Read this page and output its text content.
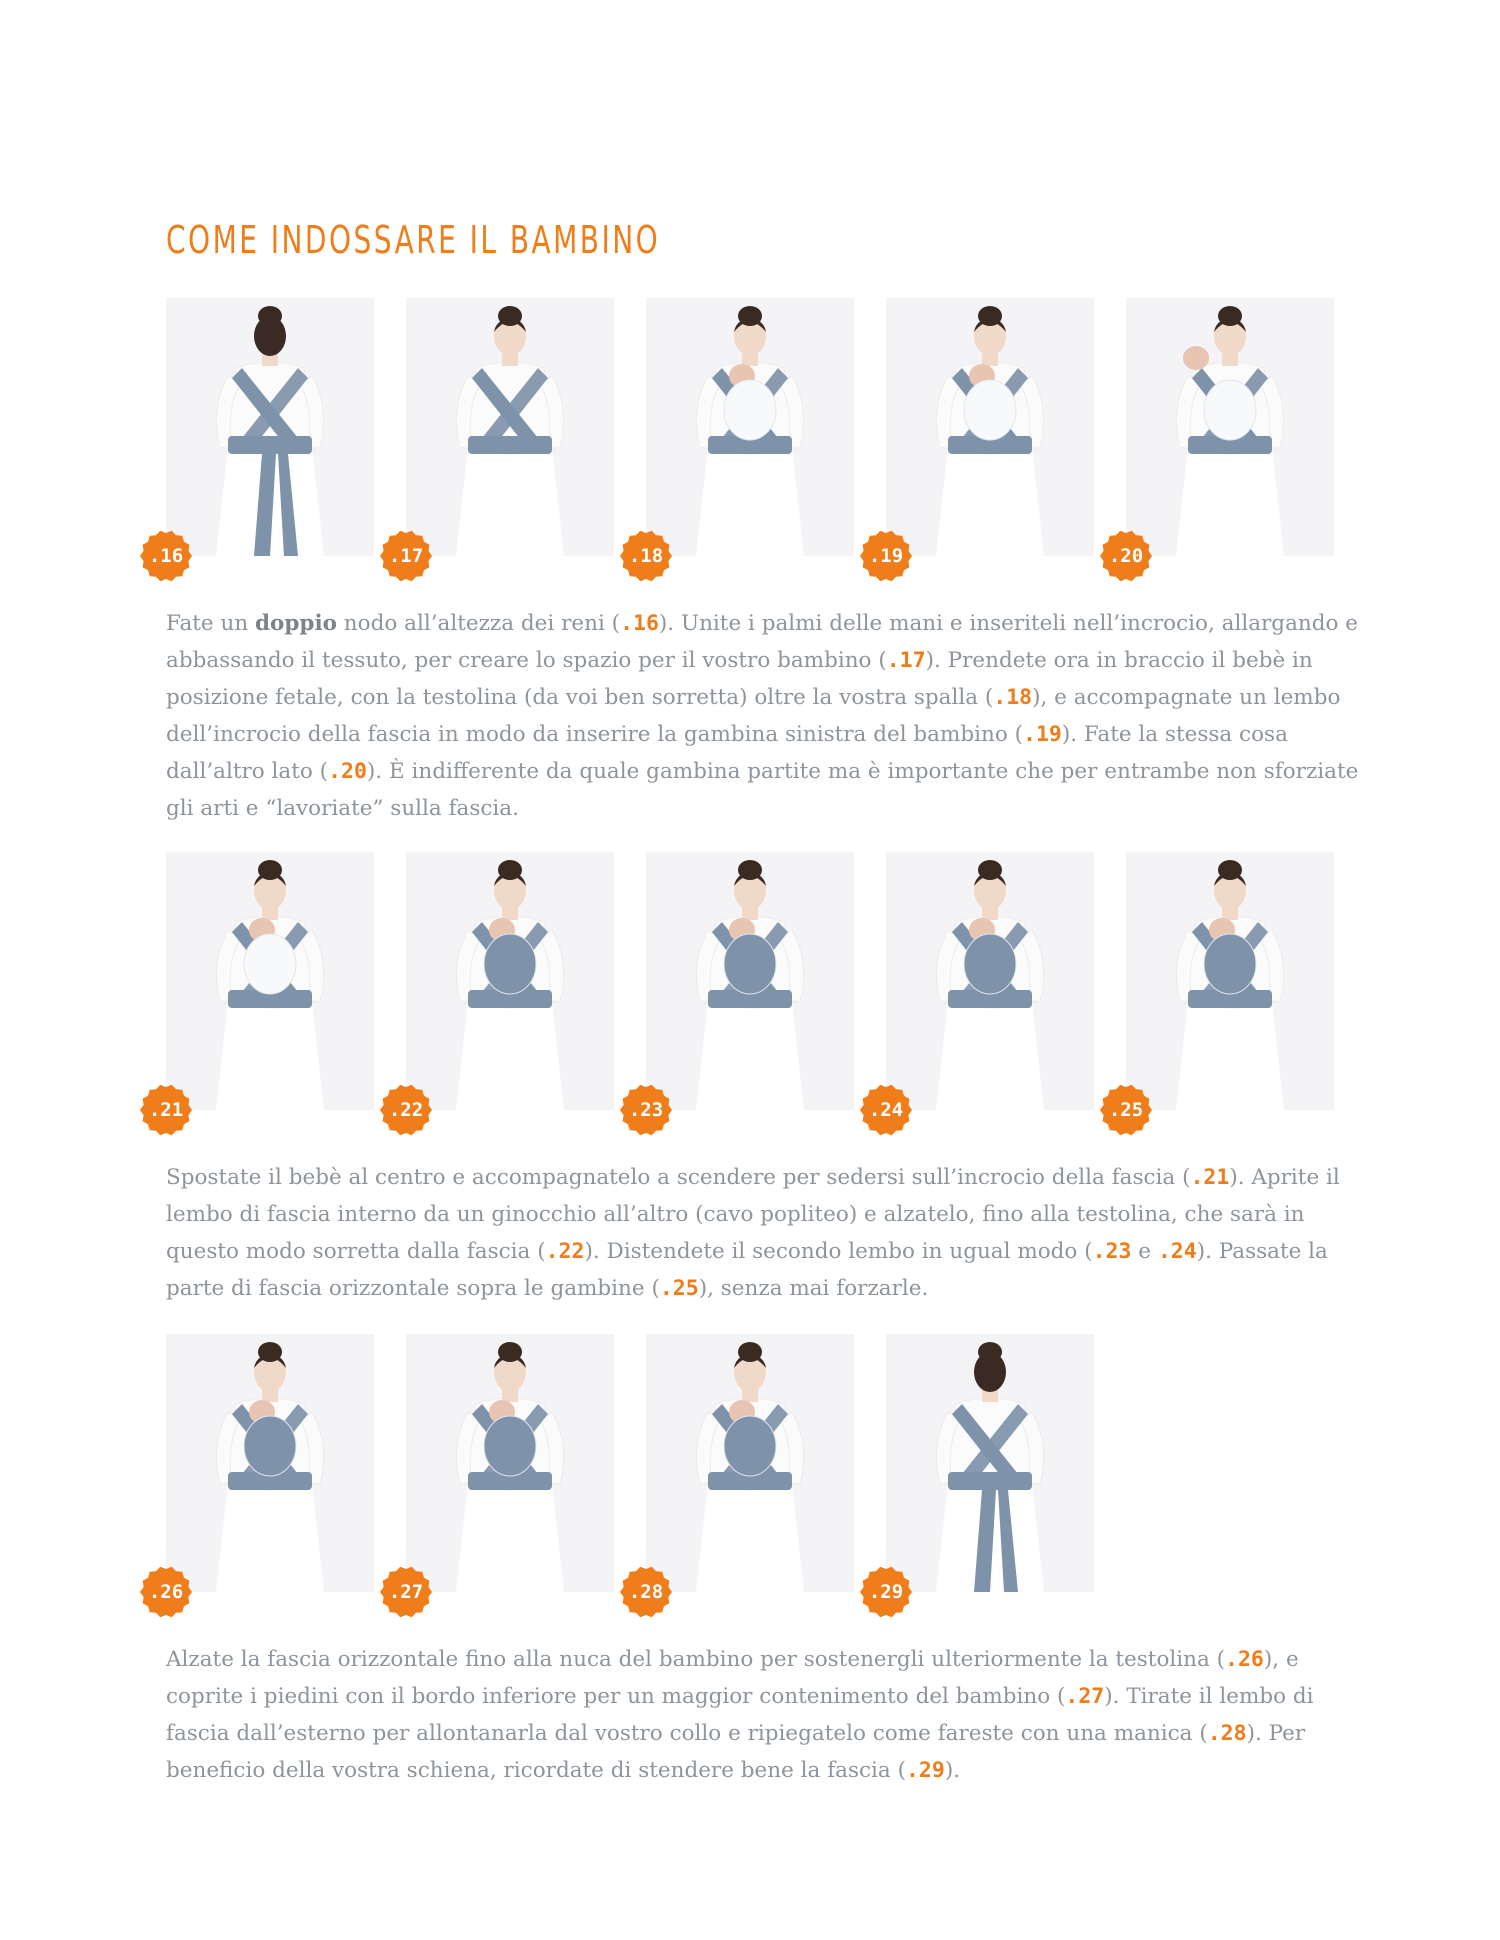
COME INDOSSARE IL BAMBINO
.16	.17	.18	.19	.20
Fate un doppio nodo all’altezza dei reni (.16). Unite i palmi delle mani e inseriteli nell’incrocio, allargando e abbassando il tessuto, per creare lo spazio per il vostro bambino (.17). Prendete ora in braccio il bebè in posizione fetale, con la testolina (da voi ben sorretta) oltre la vostra spalla (.18), e accompagnate un lembo dell’incrocio della fascia in modo da inserire la gambina sinistra del bambino (.19). Fate la stessa cosa dall’altro lato (.20). È indifferente da quale gambina partite ma è importante che per entrambe non sforziate gli arti e “lavoriate” sulla fascia.
.21	.22	.23	.24	.25
Spostate il bebè al centro e accompagnatelo a scendere per sedersi sull’incrocio della fascia (.21). Aprite il lembo di fascia interno da un ginocchio all’altro (cavo popliteo) e alzatelo, fino alla testolina, che sarà in questo modo sorretta dalla fascia (.22). Distendete il secondo lembo in ugual modo (.23 e .24). Passate la parte di fascia orizzontale sopra le gambine (.25), senza mai forzarle.
.26	.27	.28	.29
Alzate la fascia orizzontale fino alla nuca del bambino per sostenergli ulteriormente la testolina (.26), e coprite i piedini con il bordo inferiore per un maggior contenimento del bambino (.27). Tirate il lembo di fascia dall’esterno per allontanarla dal vostro collo e ripiegatelo come fareste con una manica (.28). Per beneficio della vostra schiena, ricordate di stendere bene la fascia (.29).
